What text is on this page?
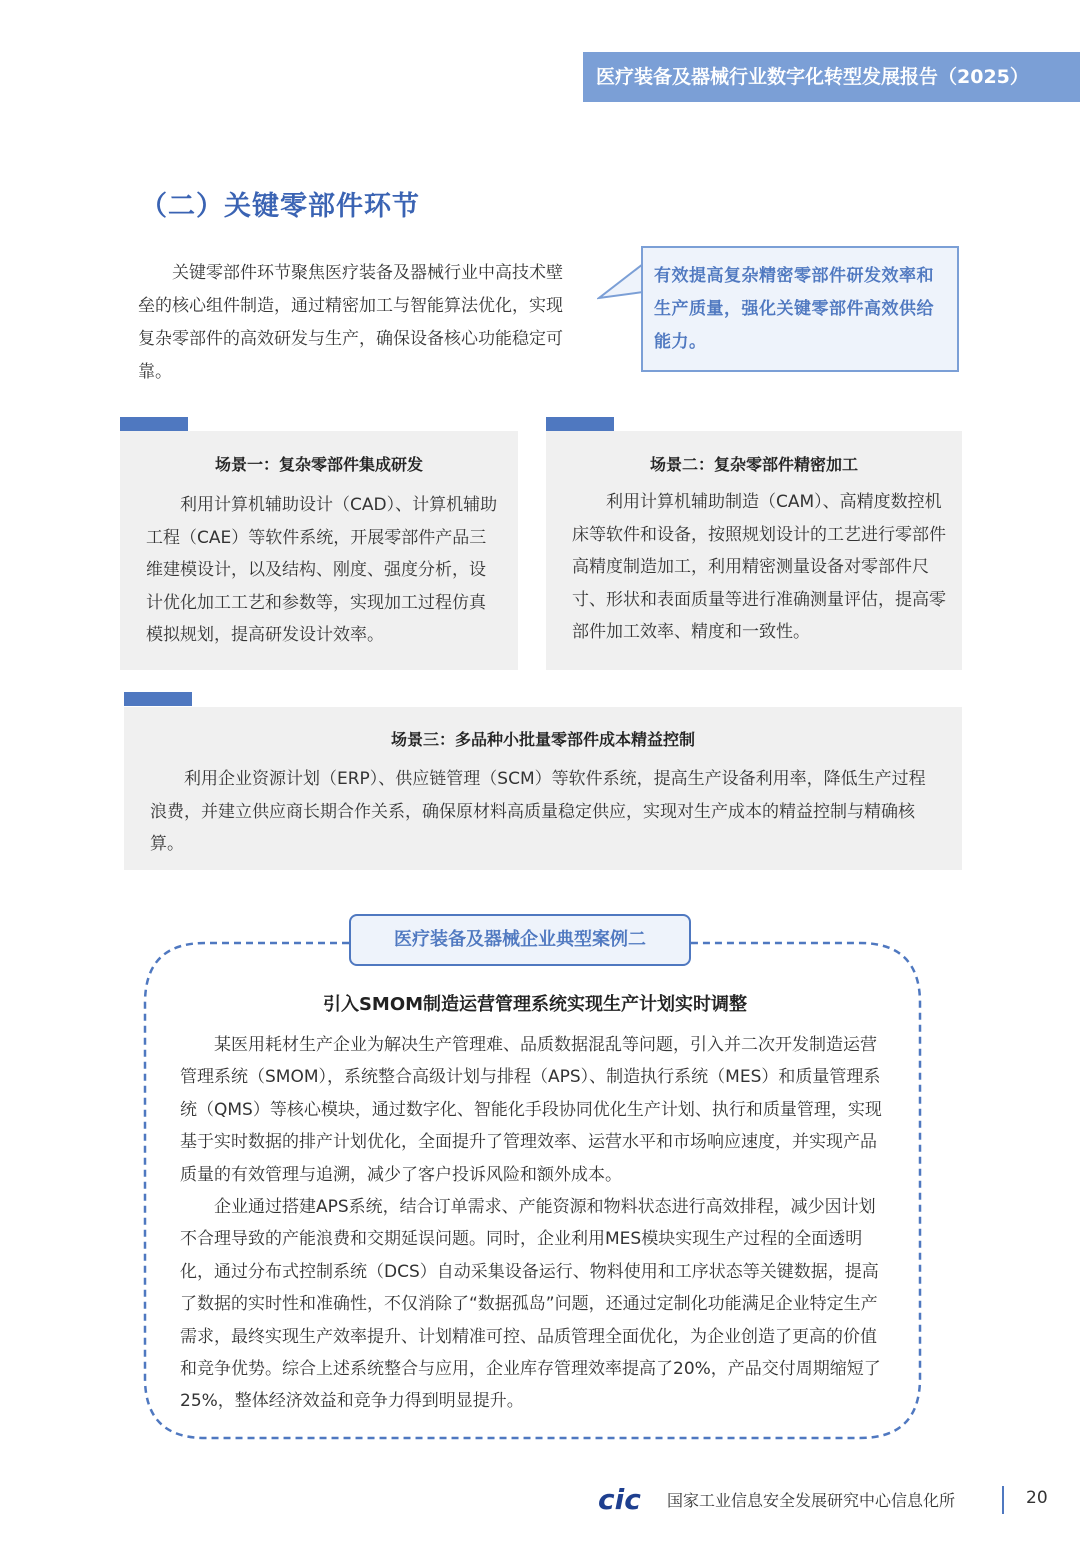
医疗装备及器械行业数字化转型发展报告（2025）
（二）关键零部件环节
关键零部件环节聚焦医疗装备及器械行业中高技术壁垒的核心组件制造，通过精密加工与智能算法优化，实现复杂零部件的高效研发与生产，确保设备核心功能稳定可靠。
有效提高复杂精密零部件研发效率和生产质量，强化关键零部件高效供给能力。
场景一：复杂零部件集成研发
利用计算机辅助设计（CAD）、计算机辅助工程（CAE）等软件系统，开展零部件产品三维建模设计，以及结构、刚度、强度分析，设计优化加工工艺和参数等，实现加工过程仿真模拟规划，提高研发设计效率。
场景二：复杂零部件精密加工
利用计算机辅助制造（CAM）、高精度数控机床等软件和设备，按照规划设计的工艺进行零部件高精度制造加工，利用精密测量设备对零部件尺寸、形状和表面质量等进行准确测量评估，提高零部件加工效率、精度和一致性。
场景三：多品种小批量零部件成本精益控制
利用企业资源计划（ERP）、供应链管理（SCM）等软件系统，提高生产设备利用率，降低生产过程浪费，并建立供应商长期合作关系，确保原材料高质量稳定供应，实现对生产成本的精益控制与精确核算。
医疗装备及器械企业典型案例二
引入SMOM制造运营管理系统实现生产计划实时调整

某医用耗材生产企业为解决生产管理难、品质数据混乱等问题，引入并二次开发制造运营管理系统（SMOM），系统整合高级计划与排程（APS）、制造执行系统（MES）和质量管理系统（QMS）等核心模块，通过数字化、智能化手段协同优化生产计划、执行和质量管理，实现基于实时数据的排产计划优化，全面提升了管理效率、运营水平和市场响应速度，并实现产品质量的有效管理与追溯，减少了客户投诉风险和额外成本。

企业通过搭建APS系统，结合订单需求、产能资源和物料状态进行高效排程，减少因计划不合理导致的产能浪费和交期延误问题。同时，企业利用MES模块实现生产过程的全面透明化，通过分布式控制系统（DCS）自动采集设备运行、物料使用和工序状态等关键数据，提高了数据的实时性和准确性，不仅消除了“数据孤岛”问题，还通过定制化功能满足企业特定生产需求，最终实现生产效率提升、计划精准可控、品质管理全面优化，为企业创造了更高的价值和竞争优势。综合上述系统整合与应用，企业库存管理效率提高了20%，产品交付周期缩短了25%，整体经济效益和竞争力得到明显提升。

cic 国家工业信息安全发展研究中心信息化所	20
